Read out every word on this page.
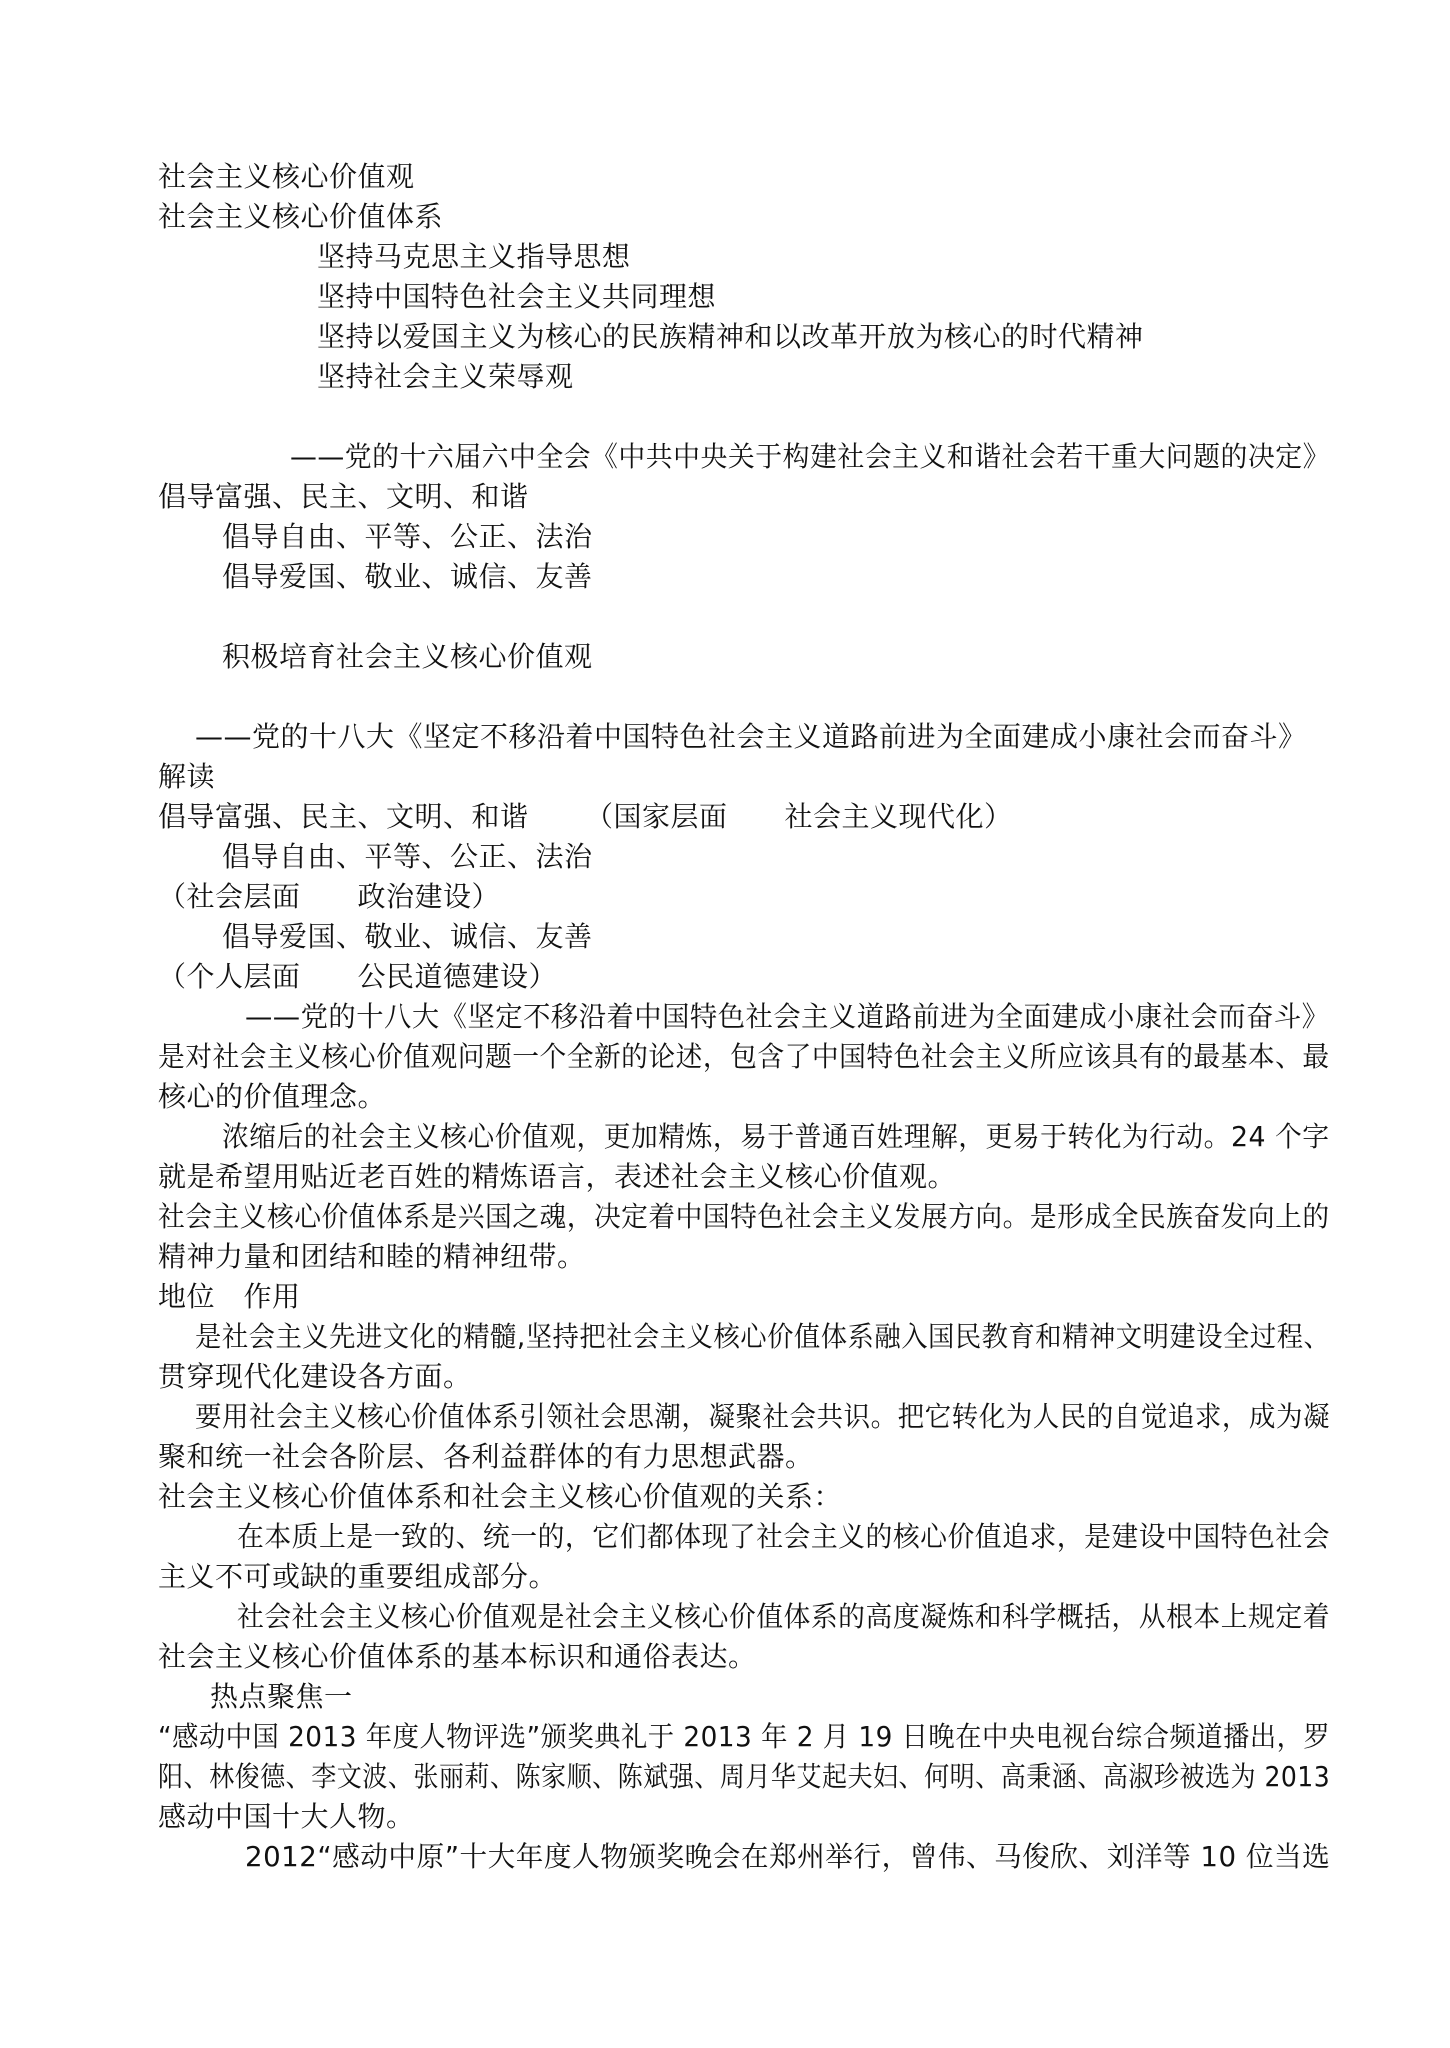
社会主义核心价值观
社会主义核心价值体系
坚持马克思主义指导思想
坚持中国特色社会主义共同理想
坚持以爱国主义为核心的民族精神和以改革开放为核心的时代精神
坚持社会主义荣辱观
——党的十六届六中全会《中共中央关于构建社会主义和谐社会若干重大问题的决定》
倡导富强、民主、文明、和谐
倡导自由、平等、公正、法治
倡导爱国、敬业、诚信、友善
积极培育社会主义核心价值观
——党的十八大《坚定不移沿着中国特色社会主义道路前进为全面建成小康社会而奋斗》
解读
倡导富强、民主、文明、和谐 （国家层面　　社会主义现代化）
倡导自由、平等、公正、法治
（社会层面　　政治建设）
倡导爱国、敬业、诚信、友善
（个人层面　　公民道德建设）
——党的十八大《坚定不移沿着中国特色社会主义道路前进为全面建成小康社会而奋斗》
是对社会主义核心价值观问题一个全新的论述，包含了中国特色社会主义所应该具有的最基本、最
核心的价值理念。
浓缩后的社会主义核心价值观，更加精炼，易于普通百姓理解，更易于转化为行动。24 个字
就是希望用贴近老百姓的精炼语言，表述社会主义核心价值观。
社会主义核心价值体系是兴国之魂，决定着中国特色社会主义发展方向。是形成全民族奋发向上的
精神力量和团结和睦的精神纽带。
地位　作用
是社会主义先进文化的精髓,坚持把社会主义核心价值体系融入国民教育和精神文明建设全过程、
贯穿现代化建设各方面。
要用社会主义核心价值体系引领社会思潮，凝聚社会共识。把它转化为人民的自觉追求，成为凝
聚和统一社会各阶层、各利益群体的有力思想武器。
社会主义核心价值体系和社会主义核心价值观的关系：
在本质上是一致的、统一的，它们都体现了社会主义的核心价值追求，是建设中国特色社会
主义不可或缺的重要组成部分。
社会社会主义核心价值观是社会主义核心价值体系的高度凝炼和科学概括，从根本上规定着
社会主义核心价值体系的基本标识和通俗表达。
热点聚焦一
“感动中国 2013 年度人物评选”颁奖典礼于 2013 年 2 月 19 日晚在中央电视台综合频道播出，罗
阳、林俊德、李文波、张丽莉、陈家顺、陈斌强、周月华艾起夫妇、何明、高秉涵、高淑珍被选为 2013
感动中国十大人物。
2012“感动中原”十大年度人物颁奖晚会在郑州举行，曾伟、马俊欣、刘洋等 10 位当选
